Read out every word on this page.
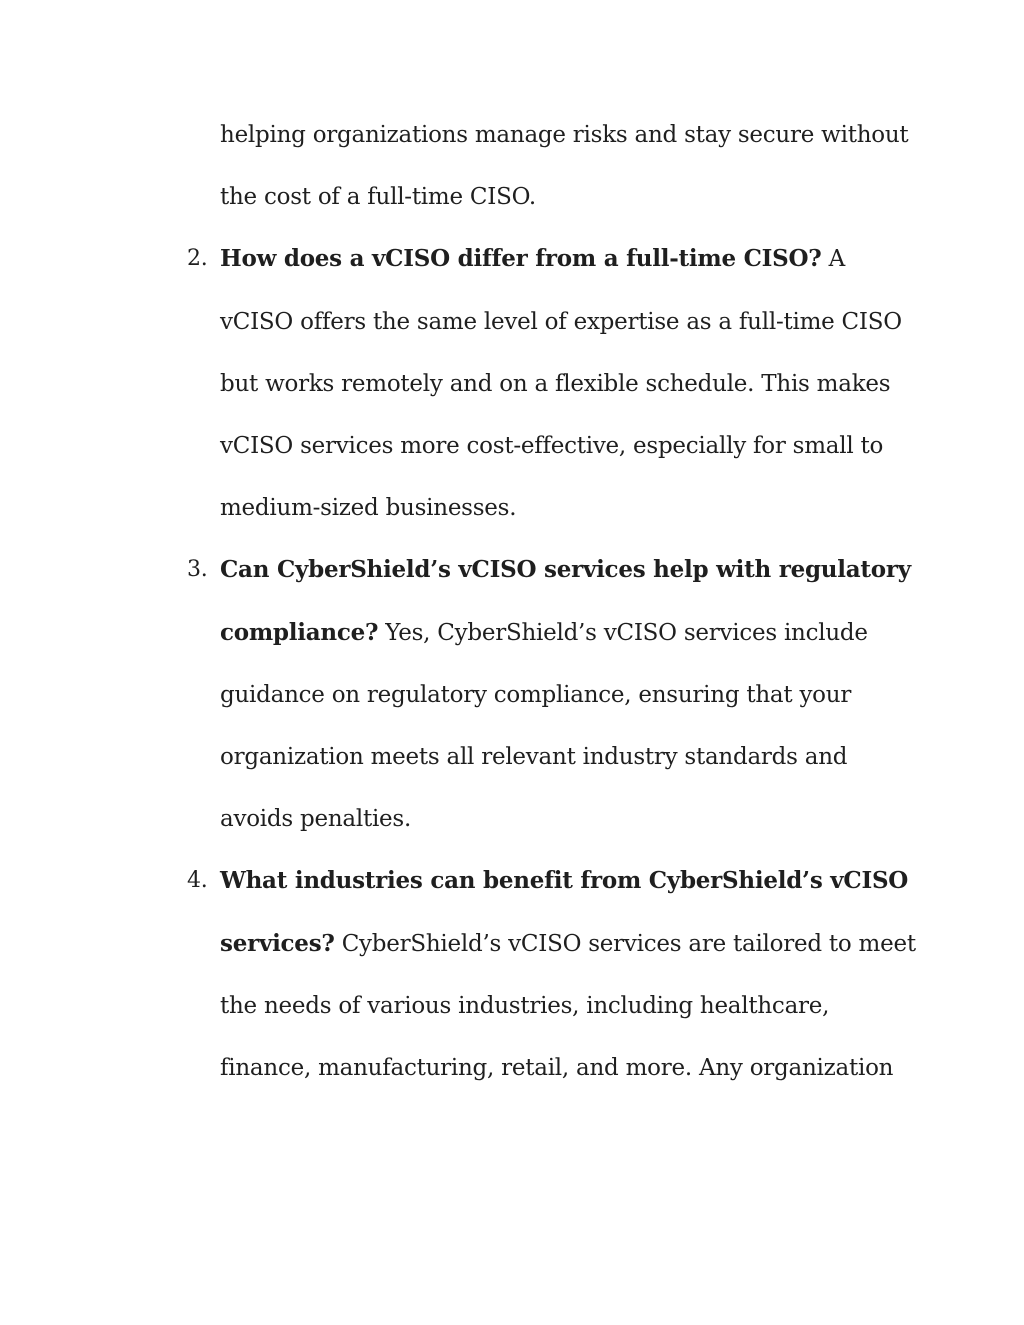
helping organizations manage risks and stay secure without the cost of a full-time CISO.

2. How does a vCISO differ from a full-time CISO? A vCISO offers the same level of expertise as a full-time CISO but works remotely and on a flexible schedule. This makes vCISO services more cost-effective, especially for small to medium-sized businesses.
3. Can CyberShield’s vCISO services help with regulatory compliance? Yes, CyberShield’s vCISO services include guidance on regulatory compliance, ensuring that your organization meets all relevant industry standards and avoids penalties.
4. What industries can benefit from CyberShield’s vCISO services? CyberShield’s vCISO services are tailored to meet the needs of various industries, including healthcare, finance, manufacturing, retail, and more. Any organization
